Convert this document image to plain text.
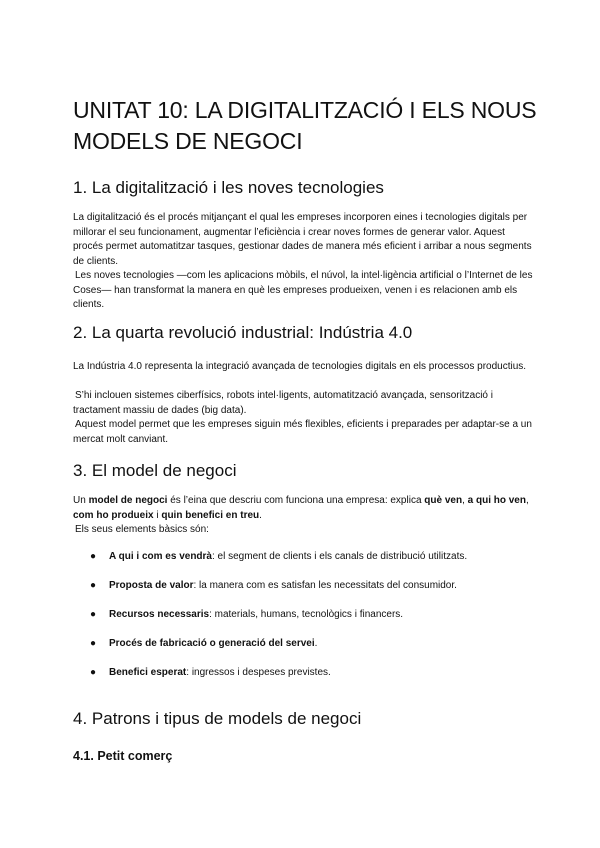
UNITAT 10: LA DIGITALITZACIÓ I ELS NOUS MODELS DE NEGOCI
1. La digitalització i les noves tecnologies

La digitalització és el procés mitjançant el qual les empreses incorporen eines i tecnologies digitals per millorar el seu funcionament, augmentar l’eficiència i crear noves formes de generar valor. Aquest procés permet automatitzar tasques, gestionar dades de manera més eficient i arribar a nous segments de clients.

Les noves tecnologies —com les aplicacions mòbils, el núvol, la intel·ligència artificial o l’Internet de les Coses— han transformat la manera en què les empreses produeixen, venen i es relacionen amb els clients.

2. La quarta revolució industrial: Indústria 4.0

La Indústria 4.0 representa la integració avançada de tecnologies digitals en els processos productius.

S’hi inclouen sistemes ciberfísics, robots intel·ligents, automatització avançada, sensorització i tractament massiu de dades (big data).

Aquest model permet que les empreses siguin més flexibles, eficients i preparades per adaptar-se a un mercat molt canviant.

3. El model de negoci

Un model de negoci és l’eina que descriu com funciona una empresa: explica què ven, a qui ho ven, com ho produeix i quin benefici en treu.

Els seus elements bàsics són:

● A qui i com es vendrà: el segment de clients i els canals de distribució utilitzats.
● Proposta de valor: la manera com es satisfan les necessitats del consumidor.
● Recursos necessaris: materials, humans, tecnològics i financers.
● Procés de fabricació o generació del servei.
● Benefici esperat: ingressos i despeses previstes.
4. Patrons i tipus de models de negoci
4.1. Petit comerç
